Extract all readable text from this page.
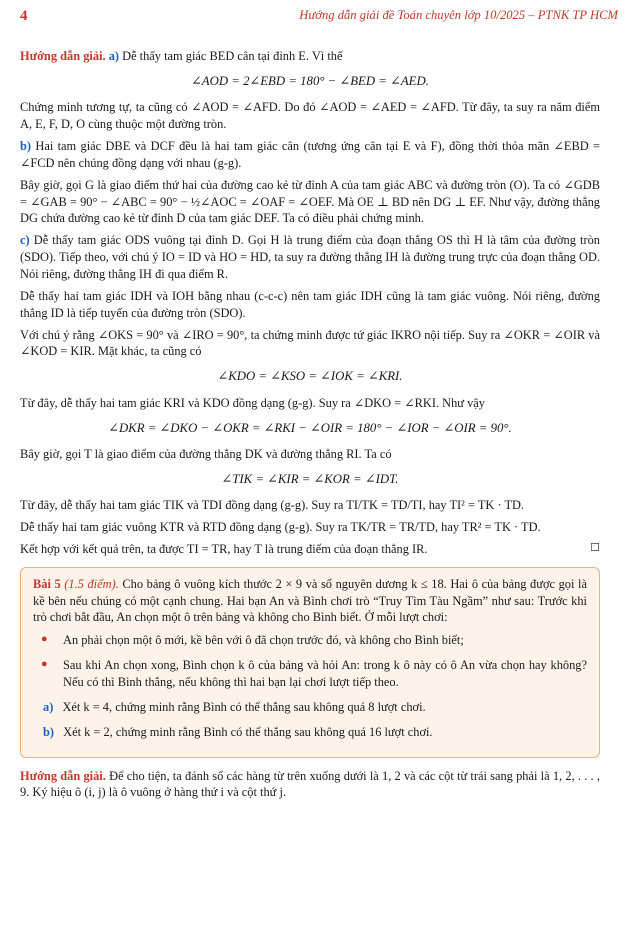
4	Hướng dẫn giải đề Toán chuyên lớp 10/2025 – PTNK TP HCM

Hướng dẫn giải. a) Dễ thấy tam giác BED cân tại đỉnh E. Vì thế

∠AOD = 2∠EBD = 180° − ∠BED = ∠AED.

Chứng minh tương tự, ta cũng có ∠AOD = ∠AFD. Do đó ∠AOD = ∠AED = ∠AFD. Từ đây, ta suy ra năm điểm A, E, F, D, O cùng thuộc một đường tròn.

b) Hai tam giác DBE và DCF đều là hai tam giác cân (tương ứng cân tại E và F), đồng thời thỏa mãn ∠EBD = ∠FCD nên chúng đồng dạng với nhau (g-g).

Bây giờ, gọi G là giao điểm thứ hai của đường cao kẻ từ đỉnh A của tam giác ABC và đường tròn (O). Ta có ∠GDB = ∠GAB = 90° − ∠ABC = 90° − ½∠AOC = ∠OAF = ∠OEF. Mà OE ⊥ BD nên DG ⊥ EF. Như vậy, đường thẳng DG chứa đường cao kẻ từ đỉnh D của tam giác DEF. Ta có điều phải chứng minh.

c) Dễ thấy tam giác ODS vuông tại đỉnh D. Gọi H là trung điểm của đoạn thẳng OS thì H là tâm của đường tròn (SDO). Tiếp theo, với chú ý IO = ID và HO = HD, ta suy ra đường thẳng IH là đường trung trực của đoạn thẳng OD. Nói riêng, đường thẳng IH đi qua điểm R.

Dễ thấy hai tam giác IDH và IOH bằng nhau (c-c-c) nên tam giác IDH cũng là tam giác vuông. Nói riêng, đường thẳng ID là tiếp tuyến của đường tròn (SDO).

Với chú ý rằng ∠OKS = 90° và ∠IRO = 90°, ta chứng minh được tứ giác IKRO nội tiếp. Suy ra ∠OKR = ∠OIR và ∠KOD = KIR. Mặt khác, ta cũng có

∠KDO = ∠KSO = ∠IOK = ∠KRI.

Từ đây, dễ thấy hai tam giác KRI và KDO đồng dạng (g-g). Suy ra ∠DKO = ∠RKI. Như vậy

∠DKR = ∠DKO − ∠OKR = ∠RKI − ∠OIR = 180° − ∠IOR − ∠OIR = 90°.

Bây giờ, gọi T là giao điểm của đường thẳng DK và đường thẳng RI. Ta có

∠TIK = ∠KIR = ∠KOR = ∠IDT.

Từ đây, dễ thấy hai tam giác TIK và TDI đồng dạng (g-g). Suy ra TI/TK = TD/TI, hay TI² = TK · TD.

Dễ thấy hai tam giác vuông KTR và RTD đồng dạng (g-g). Suy ra TK/TR = TR/TD, hay TR² = TK · TD.

Kết hợp với kết quả trên, ta được TI = TR, hay T là trung điểm của đoạn thẳng IR.	☐

Bài 5 (1.5 điểm). Cho bảng ô vuông kích thước 2 × 9 và số nguyên dương k ≤ 18. Hai ô của bảng được gọi là kề bên nếu chúng có một cạnh chung. Hai bạn An và Bình chơi trò “Truy Tìm Tàu Ngầm” như sau: Trước khi trò chơi bắt đầu, An chọn một ô trên bảng và không cho Bình biết. Ở mỗi lượt chơi:

● An phải chọn một ô mới, kề bên với ô đã chọn trước đó, và không cho Bình biết;
● Sau khi An chọn xong, Bình chọn k ô của bảng và hỏi An: trong k ô này có ô An vừa chọn hay không? Nếu có thì Bình thắng, nếu không thì hai bạn lại chơi lượt tiếp theo.

a) Xét k = 4, chứng minh rằng Bình có thể thắng sau không quá 8 lượt chơi.

b) Xét k = 2, chứng minh rằng Bình có thể thắng sau không quá 16 lượt chơi.

Hướng dẫn giải. Để cho tiện, ta đánh số các hàng từ trên xuống dưới là 1, 2 và các cột từ trái sang phải là 1, 2, . . . , 9. Ký hiệu ô (i, j) là ô vuông ở hàng thứ i và cột thứ j.
